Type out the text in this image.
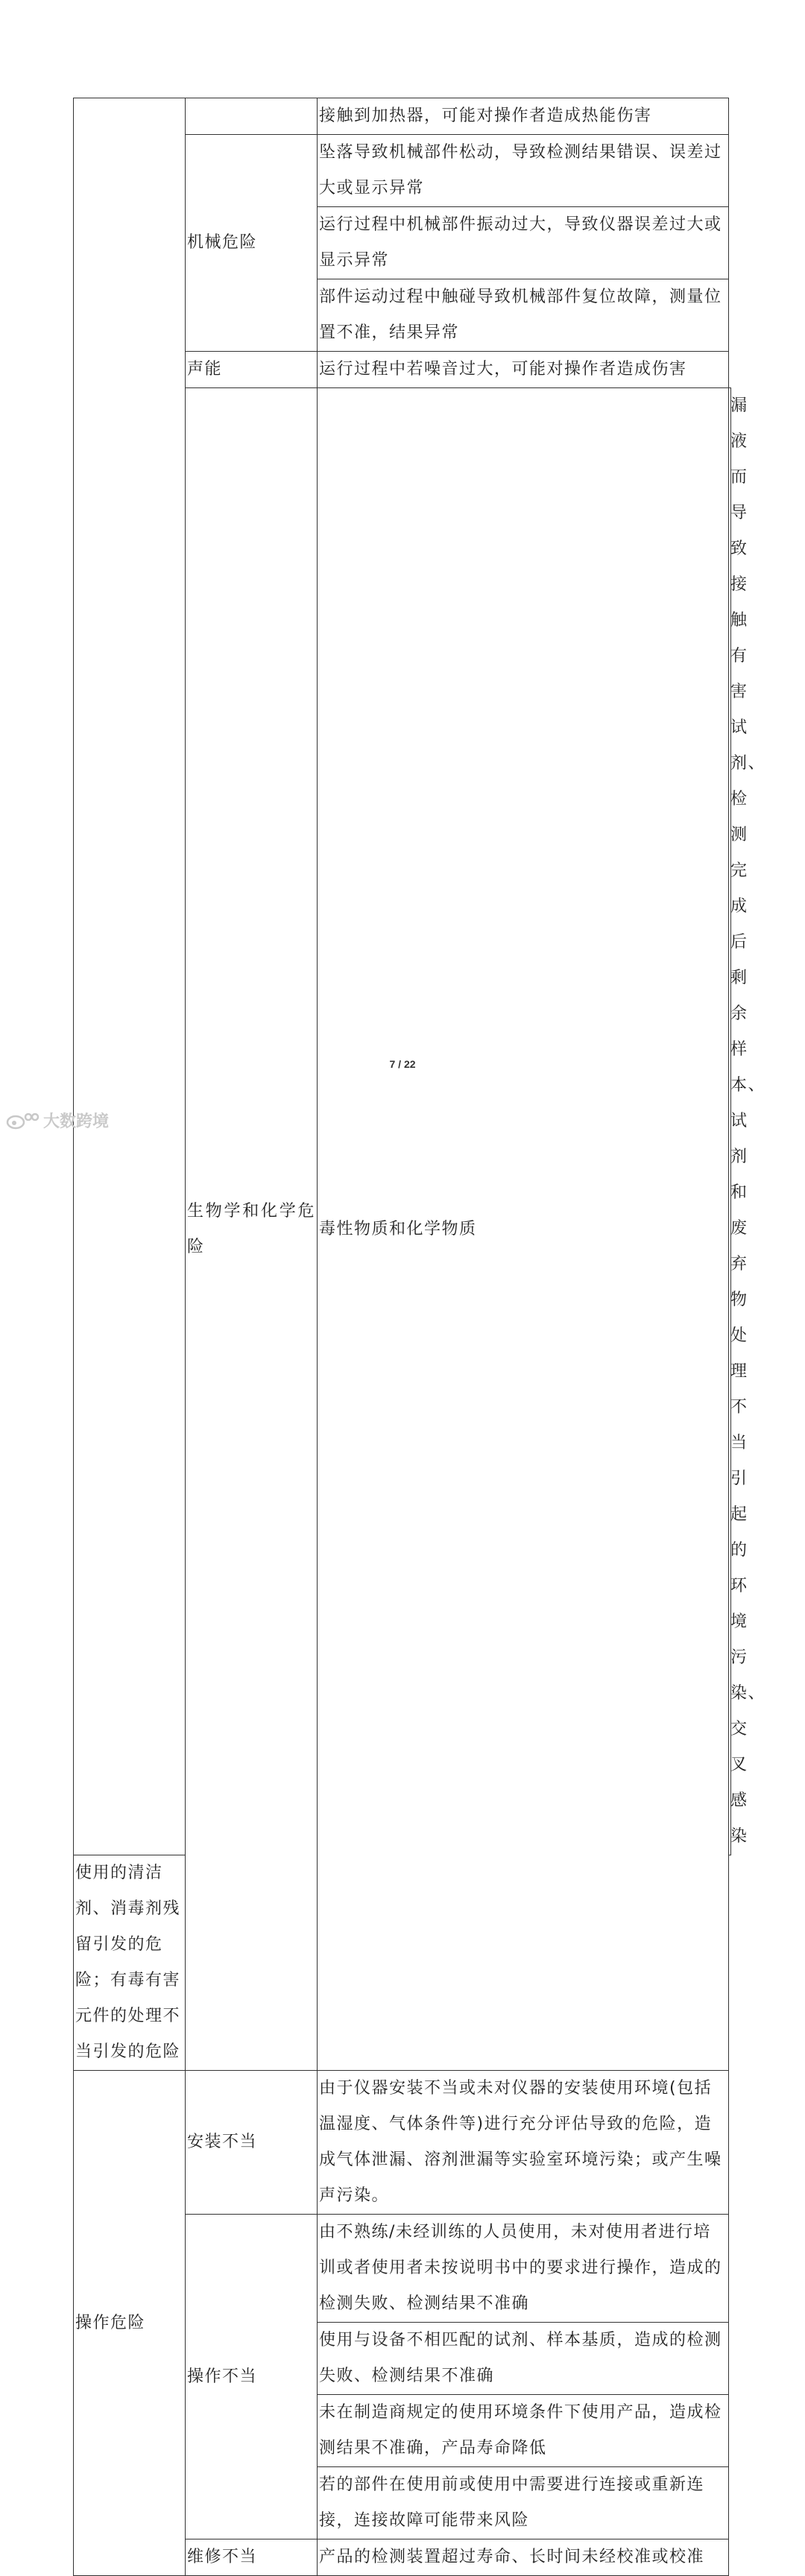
		接触到加热器，可能对操作者造成热能伤害	
	机械危险	坠落导致机械部件松动，导致检测结果错误、误差过大或显示异常	
		运行过程中机械部件振动过大，导致仪器误差过大或显示异常	
		部件运动过程中触碰导致机械部件复位故障，测量位置不准，结果异常	
	声能	运行过程中若噪音过大，可能对操作者造成伤害	
	生物学和化学危险	毒性物质和化学物质	漏液而导致接触有害试剂、检测完成后剩余样本、试剂和废弃物处理不当引起的环境污染、交叉感染
使用的清洁剂、消毒剂残留引发的危险；有毒有害元件的处理不当引发的危险			
操作危险	安装不当	由于仪器安装不当或未对仪器的安装使用环境(包括温湿度、气体条件等)进行充分评估导致的危险，造成气体泄漏、溶剂泄漏等实验室环境污染；或产生噪声污染。	
	操作不当	由不熟练/未经训练的人员使用，未对使用者进行培训或者使用者未按说明书中的要求进行操作，造成的检测失败、检测结果不准确	
		使用与设备不相匹配的试剂、样本基质，造成的检测失败、检测结果不准确	
		未在制造商规定的使用环境条件下使用产品，造成检测结果不准确，产品寿命降低	
		若的部件在使用前或使用中需要进行连接或重新连接，连接故障可能带来风险	
	维修不当	产品的检测装置超过寿命、长时间未经校准或校准	
7 / 22
大数跨境
